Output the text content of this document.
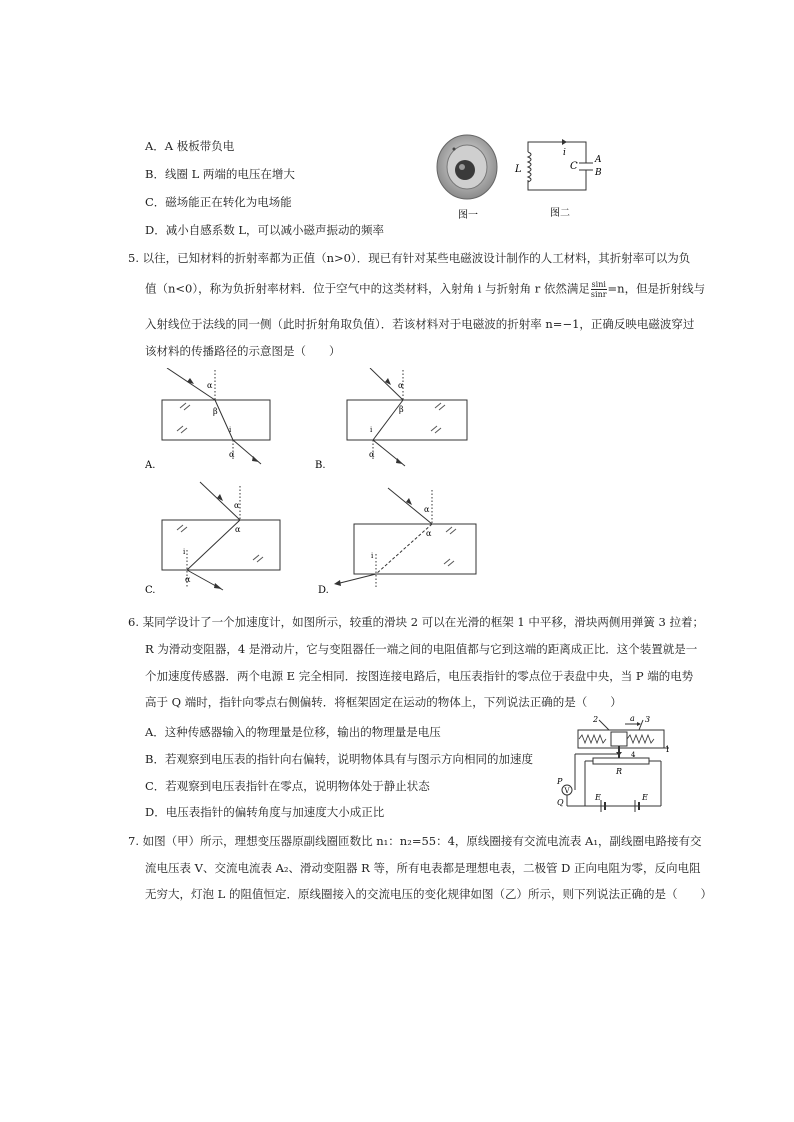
A．A 极板带负电
B．线圈 L 两端的电压在增大
C．磁场能正在转化为电场能
D．减小自感系数 L，可以减小磁声振动的频率
图一
L	C
A
B
i
图二
5. 以往，已知材料的折射率都为正值（n>0）．现已有针对某些电磁波设计制作的人工材料，其折射率可以为负
值（n<0），称为负折射率材料．位于空气中的这类材料，入射角 i 与折射角 r 依然满足 $\frac{\sin i}{\sin r} =n$，但是折射线与
入射线位于法线的同一侧（此时折射角取负值）．若该材料对于电磁波的折射率 n=−1，正确反映电磁波穿过
该材料的传播路径的示意图是（　　）
α
β
α
i
A.
α
β
α
i
B.
α
α
α
i
C.
α
α
i
D.
6. 某同学设计了一个加速度计，如图所示，较重的滑块 2 可以在光滑的框架 1 中平移，滑块两侧用弹簧 3 拉着；
R 为滑动变阻器，4 是滑动片，它与变阻器任一端之间的电阻值都与它到这端的距离成正比．这个装置就是一
个加速度传感器．两个电源 E 完全相同．按图连接电路后，电压表指针的零点位于表盘中央，当 P 端的电势
高于 Q 端时，指针向零点右侧偏转．将框架固定在运动的物体上，下列说法正确的是（　　）
A．这种传感器输入的物理量是位移，输出的物理量是电压
B．若观察到电压表的指针向右偏转，说明物体具有与图示方向相同的加速度
C．若观察到电压表指针在零点，说明物体处于静止状态
D．电压表指针的偏转角度与加速度大小成正比
2	a 3
1
4
R
V
P
Q
E	E
7. 如图（甲）所示，理想变压器原副线圈匝数比 n₁：n₂=55：4，原线圈接有交流电流表 A₁，副线圈电路接有交
流电压表 V、交流电流表 A₂、滑动变阻器 R 等，所有电表都是理想电表，二极管 D 正向电阻为零，反向电阻
无穷大，灯泡 L 的阻值恒定．原线圈接入的交流电压的变化规律如图（乙）所示，则下列说法正确的是（　　）
